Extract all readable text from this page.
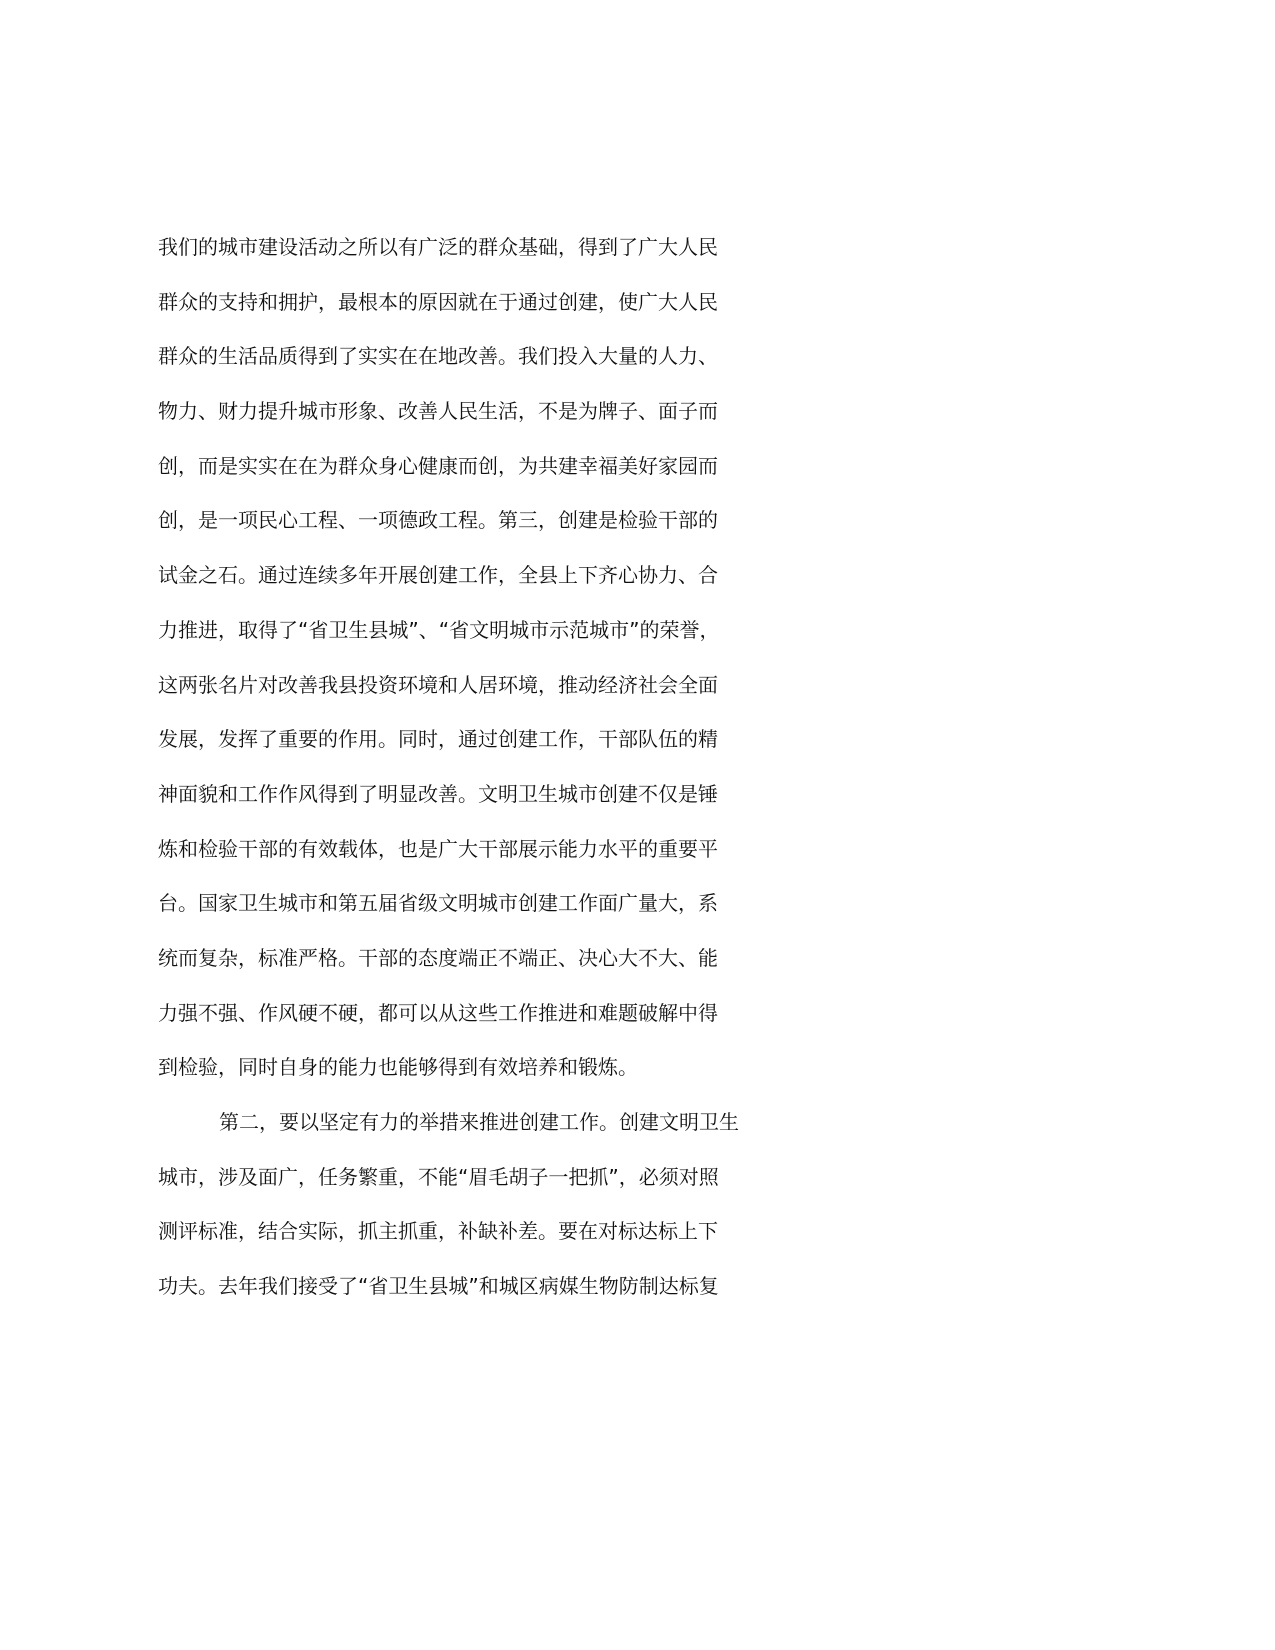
我们的城市建设活动之所以有广泛的群众基础，得到了广大人民
群众的支持和拥护，最根本的原因就在于通过创建，使广大人民
群众的生活品质得到了实实在在地改善。我们投入大量的人力、
物力、财力提升城市形象、改善人民生活，不是为牌子、面子而
创，而是实实在在为群众身心健康而创，为共建幸福美好家园而
创，是一项民心工程、一项德政工程。第三，创建是检验干部的
试金之石。通过连续多年开展创建工作，全县上下齐心协力、合
力推进，取得了“省卫生县城”、“省文明城市示范城市”的荣誉，
这两张名片对改善我县投资环境和人居环境，推动经济社会全面
发展，发挥了重要的作用。同时，通过创建工作，干部队伍的精
神面貌和工作作风得到了明显改善。文明卫生城市创建不仅是锤
炼和检验干部的有效载体，也是广大干部展示能力水平的重要平
台。国家卫生城市和第五届省级文明城市创建工作面广量大，系
统而复杂，标准严格。干部的态度端正不端正、决心大不大、能
力强不强、作风硬不硬，都可以从这些工作推进和难题破解中得
到检验，同时自身的能力也能够得到有效培养和锻炼。
第二，要以坚定有力的举措来推进创建工作。创建文明卫生
城市，涉及面广，任务繁重，不能“眉毛胡子一把抓”，必须对照
测评标准，结合实际，抓主抓重，补缺补差。要在对标达标上下
功夫。去年我们接受了“省卫生县城”和城区病媒生物防制达标复
